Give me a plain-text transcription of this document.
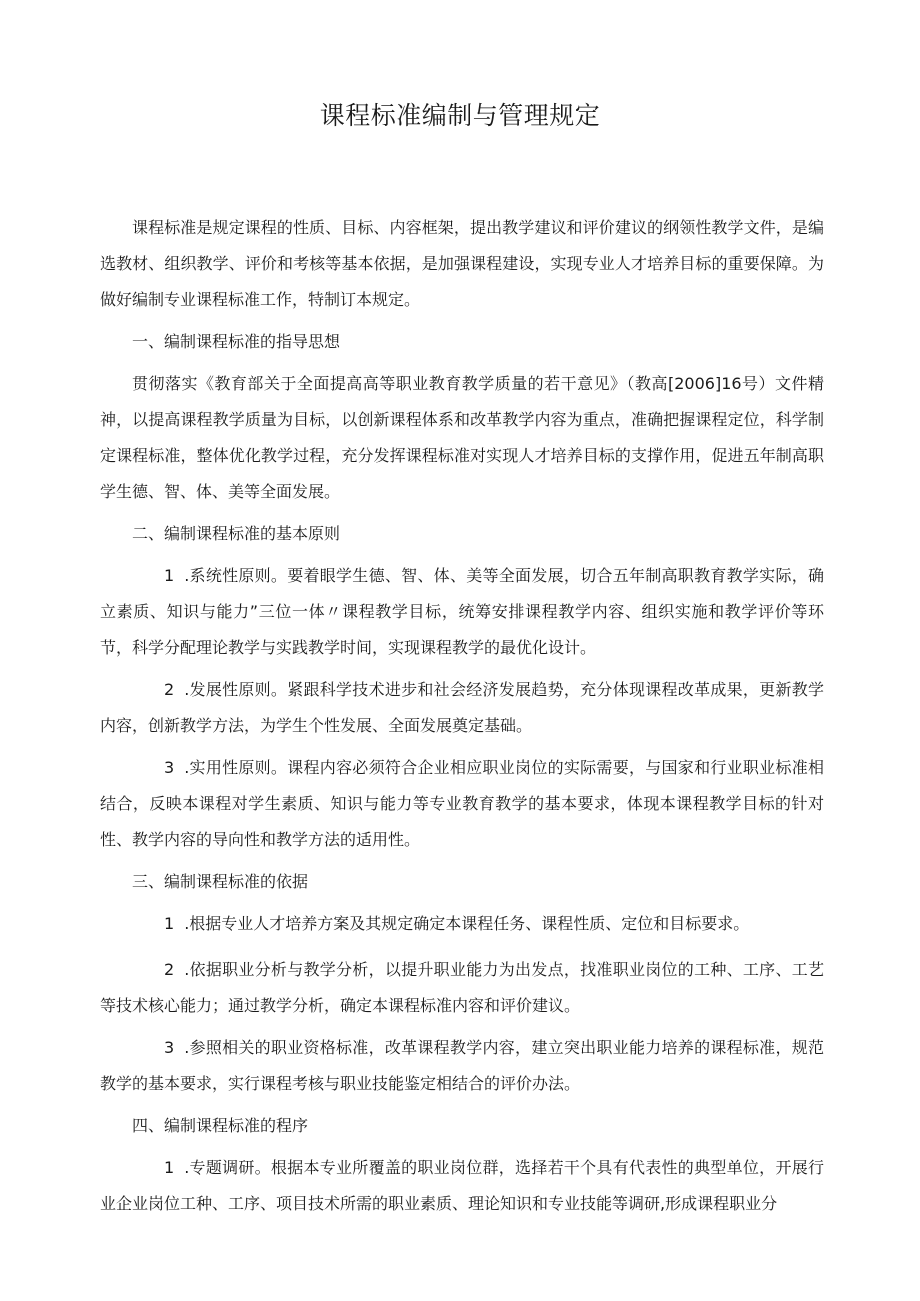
课程标准编制与管理规定

课程标准是规定课程的性质、目标、内容框架，提出教学建议和评价建议的纲领性教学文件，是编选教材、组织教学、评价和考核等基本依据，是加强课程建设，实现专业人才培养目标的重要保障。为做好编制专业课程标准工作，特制订本规定。

一、编制课程标准的指导思想

贯彻落实《教育部关于全面提高高等职业教育教学质量的若干意见》（教高[2006]16号）文件精神，以提高课程教学质量为目标，以创新课程体系和改革教学内容为重点，准确把握课程定位，科学制定课程标准，整体优化教学过程，充分发挥课程标准对实现人才培养目标的支撑作用，促进五年制高职学生德、智、体、美等全面发展。

二、编制课程标准的基本原则

1 .系统性原则。要着眼学生德、智、体、美等全面发展，切合五年制高职教育教学实际，确立素质、知识与能力”三位一体〃课程教学目标，统筹安排课程教学内容、组织实施和教学评价等环节，科学分配理论教学与实践教学时间，实现课程教学的最优化设计。

2 .发展性原则。紧跟科学技术进步和社会经济发展趋势，充分体现课程改革成果，更新教学内容，创新教学方法，为学生个性发展、全面发展奠定基础。

3 .实用性原则。课程内容必须符合企业相应职业岗位的实际需要，与国家和行业职业标准相结合，反映本课程对学生素质、知识与能力等专业教育教学的基本要求，体现本课程教学目标的针对性、教学内容的导向性和教学方法的适用性。

三、编制课程标准的依据

1 .根据专业人才培养方案及其规定确定本课程任务、课程性质、定位和目标要求。

2 .依据职业分析与教学分析，以提升职业能力为出发点，找准职业岗位的工种、工序、工艺等技术核心能力；通过教学分析，确定本课程标准内容和评价建议。

3 .参照相关的职业资格标准，改革课程教学内容，建立突出职业能力培养的课程标准，规范教学的基本要求，实行课程考核与职业技能鉴定相结合的评价办法。

四、编制课程标准的程序

1 .专题调研。根据本专业所覆盖的职业岗位群，选择若干个具有代表性的典型单位，开展行业企业岗位工种、工序、项目技术所需的职业素质、理论知识和专业技能等调研,形成课程职业分
